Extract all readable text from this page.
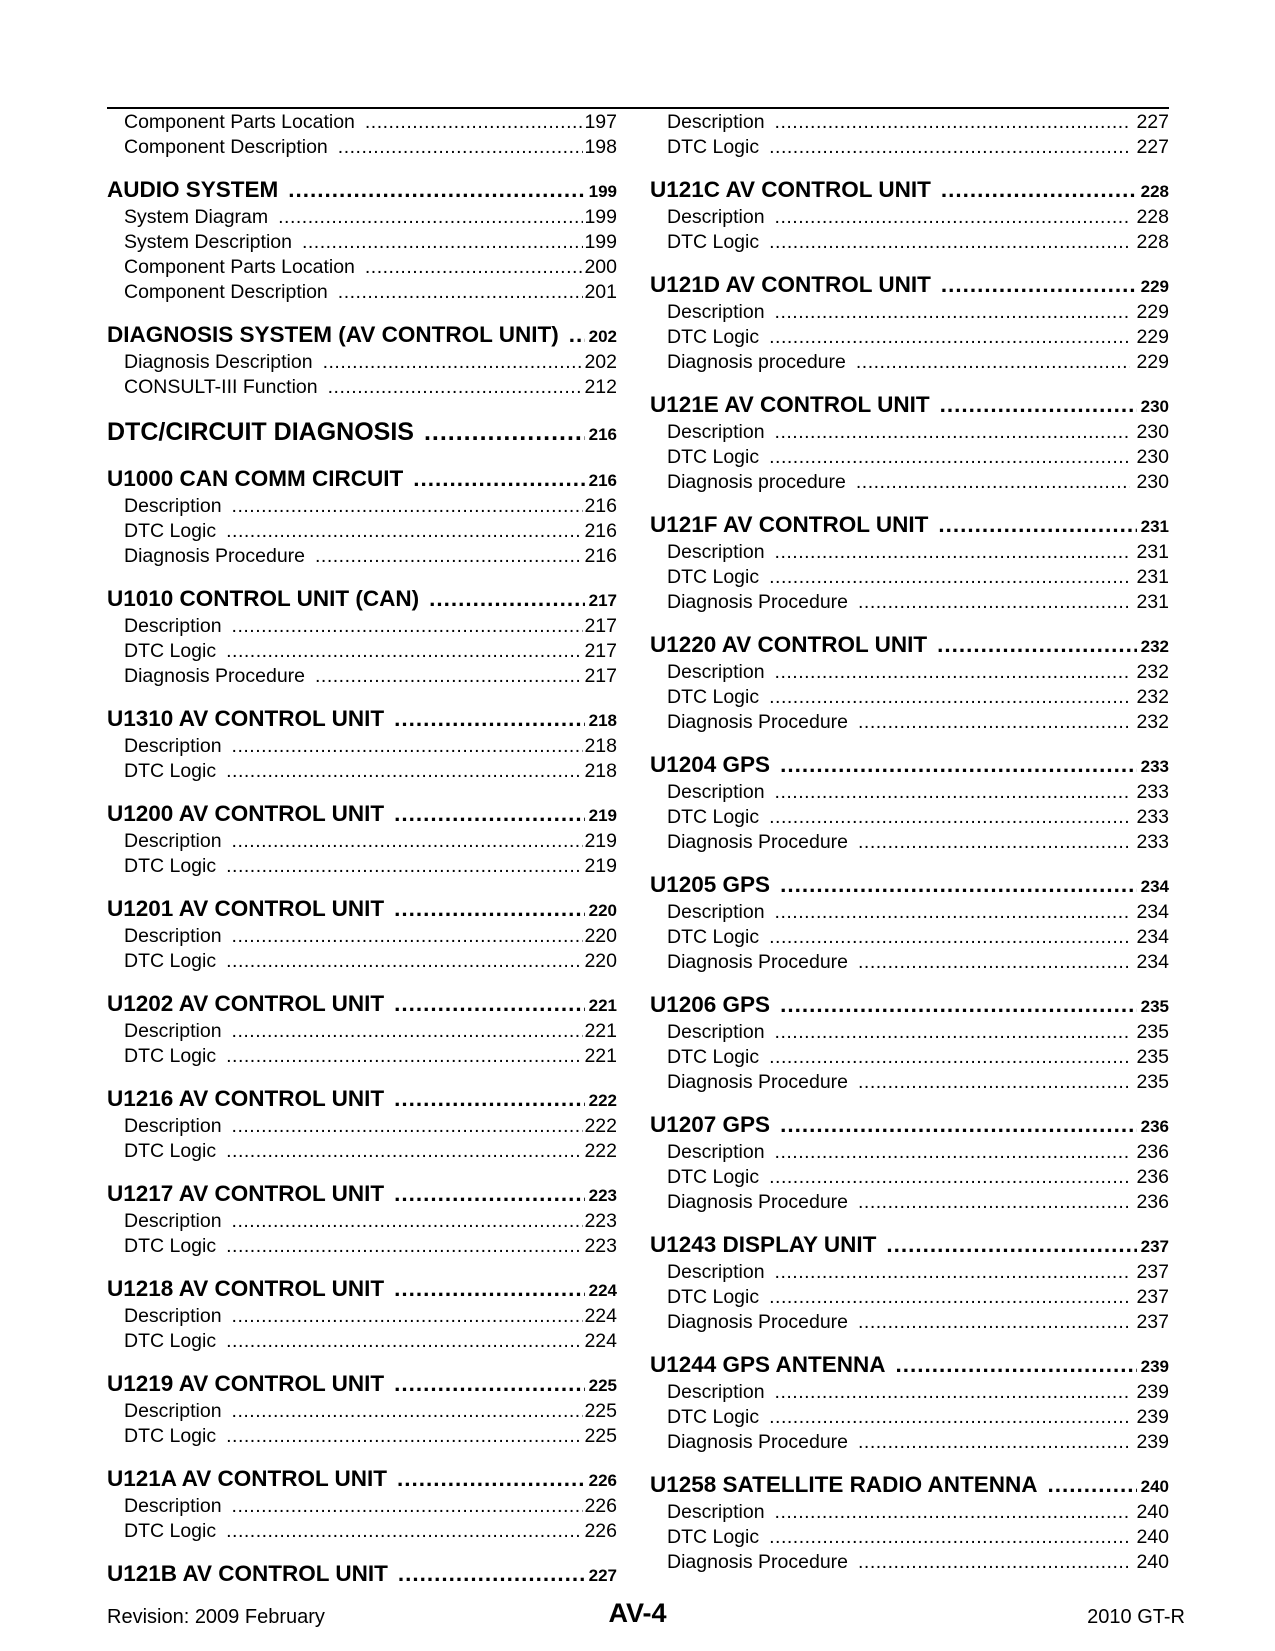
Component Parts Location .....	197
Component Description .....	198
AUDIO SYSTEM .....	199
System Diagram .....	199
System Description .....	199
Component Parts Location .....	200
Component Description .....	201
DIAGNOSIS SYSTEM (AV CONTROL UNIT) .....	202
Diagnosis Description .....	202
CONSULT-III Function .....	212
DTC/CIRCUIT DIAGNOSIS .....	216
U1000 CAN COMM CIRCUIT .....	216
Description .....	216
DTC Logic .....	216
Diagnosis Procedure .....	216
U1010 CONTROL UNIT (CAN) .....	217
Description .....	217
DTC Logic .....	217
Diagnosis Procedure .....	217
U1310 AV CONTROL UNIT .....	218
Description .....	218
DTC Logic .....	218
U1200 AV CONTROL UNIT .....	219
Description .....	219
DTC Logic .....	219
U1201 AV CONTROL UNIT .....	220
Description .....	220
DTC Logic .....	220
U1202 AV CONTROL UNIT .....	221
Description .....	221
DTC Logic .....	221
U1216 AV CONTROL UNIT .....	222
Description .....	222
DTC Logic .....	222
U1217 AV CONTROL UNIT .....	223
Description .....	223
DTC Logic .....	223
U1218 AV CONTROL UNIT .....	224
Description .....	224
DTC Logic .....	224
U1219 AV CONTROL UNIT .....	225
Description .....	225
DTC Logic .....	225
U121A AV CONTROL UNIT .....	226
Description .....	226
DTC Logic .....	226
U121B AV CONTROL UNIT .....	227
Description .....	227
DTC Logic .....	227
U121C AV CONTROL UNIT .....	228
Description .....	228
DTC Logic .....	228
U121D AV CONTROL UNIT .....	229
Description .....	229
DTC Logic .....	229
Diagnosis procedure .....	229
U121E AV CONTROL UNIT .....	230
Description .....	230
DTC Logic .....	230
Diagnosis procedure .....	230
U121F AV CONTROL UNIT .....	231
Description .....	231
DTC Logic .....	231
Diagnosis Procedure .....	231
U1220 AV CONTROL UNIT .....	232
Description .....	232
DTC Logic .....	232
Diagnosis Procedure .....	232
U1204 GPS .....	233
Description .....	233
DTC Logic .....	233
Diagnosis Procedure .....	233
U1205 GPS .....	234
Description .....	234
DTC Logic .....	234
Diagnosis Procedure .....	234
U1206 GPS .....	235
Description .....	235
DTC Logic .....	235
Diagnosis Procedure .....	235
U1207 GPS .....	236
Description .....	236
DTC Logic .....	236
Diagnosis Procedure .....	236
U1243 DISPLAY UNIT .....	237
Description .....	237
DTC Logic .....	237
Diagnosis Procedure .....	237
U1244 GPS ANTENNA .....	239
Description .....	239
DTC Logic .....	239
Diagnosis Procedure .....	239
U1258 SATELLITE RADIO ANTENNA .....	240
Description .....	240
DTC Logic .....	240
Diagnosis Procedure .....	240
Revision: 2009 February	AV-4	2010 GT-R
